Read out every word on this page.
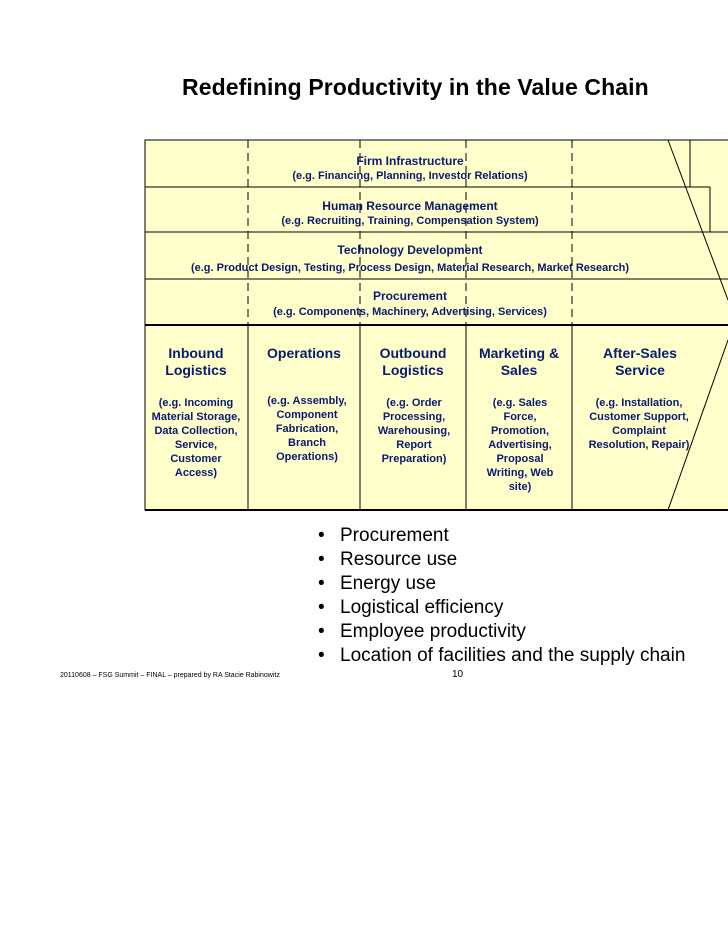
Redefining Productivity in the Value Chain
Firm Infrastructure
(e.g. Financing, Planning, Investor Relations)
Human Resource Management
(e.g. Recruiting, Training, Compensation System)
Technology Development
(e.g. Product Design, Testing, Process Design, Material Research, Market Research)
Procurement
(e.g. Components, Machinery, Advertising, Services)
Inbound Logistics
(e.g. Incoming Material Storage, Data Collection, Service, Customer Access)
Operations
(e.g. Assembly, Component Fabrication, Branch Operations)
Outbound Logistics
(e.g. Order Processing, Warehousing, Report Preparation)
Marketing & Sales
(e.g. Sales Force, Promotion, Advertising, Proposal Writing, Web site)
After-Sales Service
(e.g. Installation, Customer Support, Complaint Resolution, Repair)
• Procurement
• Resource use
• Energy use
• Logistical efficiency
• Employee productivity
• Location of facilities and the supply chain
20110608 – FSG Summit – FINAL – prepared by RA Stacie Rabinowitz	10
